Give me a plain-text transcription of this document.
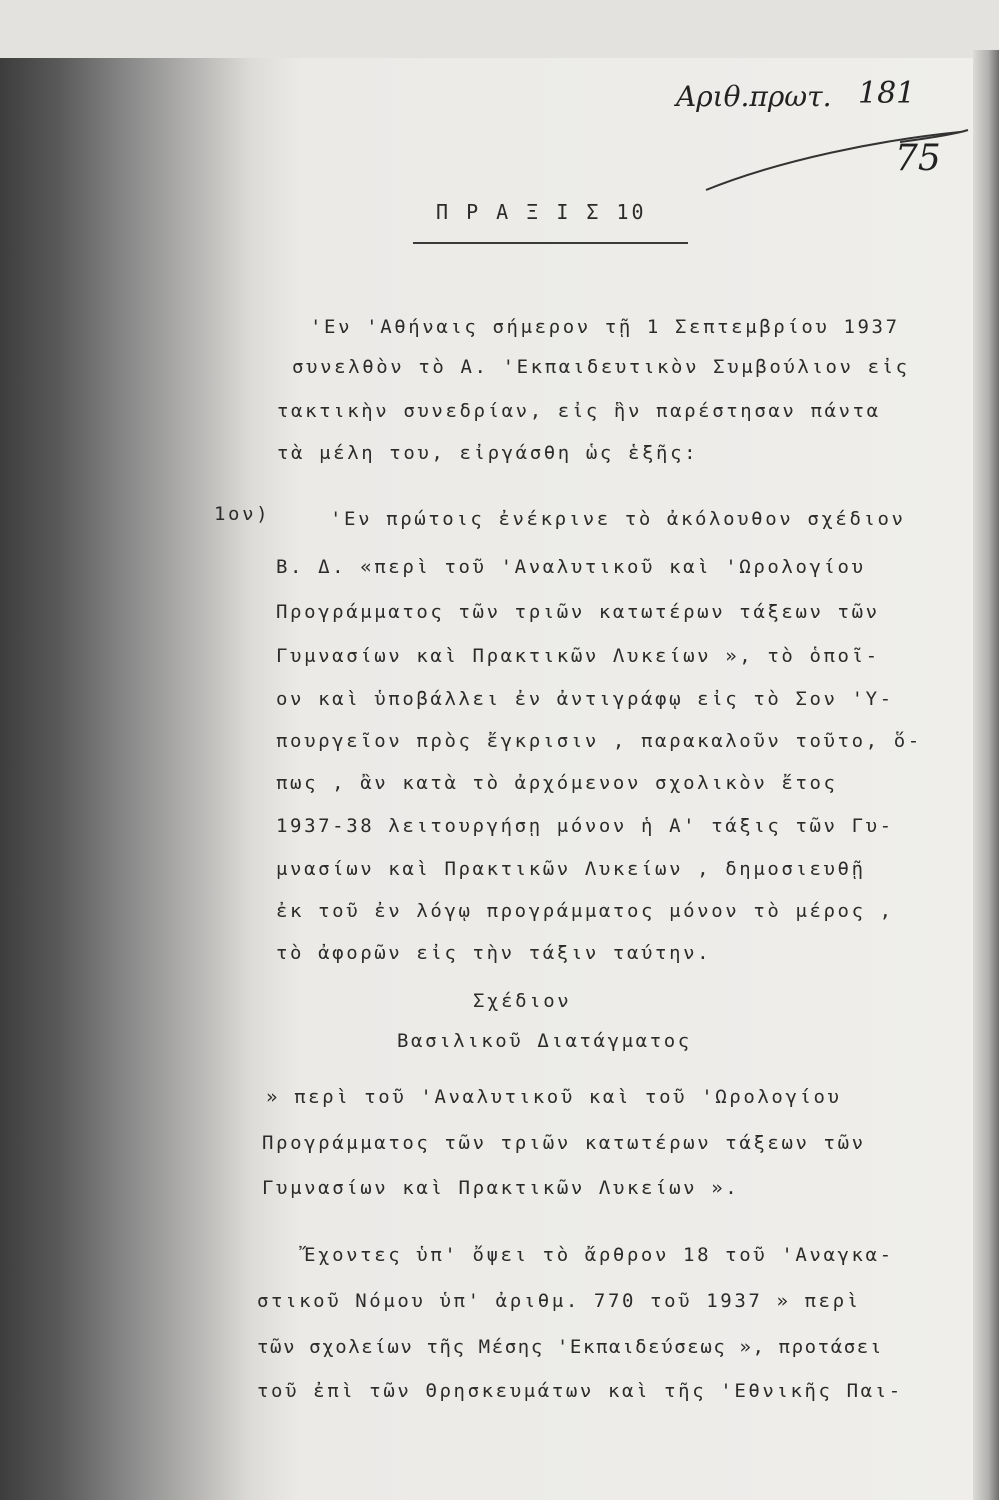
Αριθ.πρωτ. 181
75
Π Ρ Α Ξ Ι Σ 10
'Εν 'Αθήναις σήμερον τῇ 1 Σεπτεμβρίου 1937
συνελθὸν τὸ Α. 'Εκπαιδευτικὸν Συμβούλιον εἰς
τακτικὴν συνεδρίαν, εἰς ἣν παρέστησαν πάντα
τὰ μέλη του, εἰργάσθη ὡς ἑξῆς:
1ον)	'Εν πρώτοις ἐνέκρινε τὸ ἀκόλουθον σχέδιον
Β. Δ. «περὶ τοῦ 'Αναλυτικοῦ καὶ 'Ωρολογίου
Προγράμματος τῶν τριῶν κατωτέρων τάξεων τῶν
Γυμνασίων καὶ Πρακτικῶν Λυκείων », τὸ ὁποῖ-
ον καὶ ὑποβάλλει ἐν ἀντιγράφῳ εἰς τὸ Σον 'Υ-
πουργεῖον πρὸς ἔγκρισιν , παρακαλοῦν τοῦτο, ὅ-
πως , ἂν κατὰ τὸ ἀρχόμενον σχολικὸν ἔτος
1937-38 λειτουργήσῃ μόνον ἡ Α' τάξις τῶν Γυ-
μνασίων καὶ Πρακτικῶν Λυκείων , δημοσιευθῇ
ἐκ τοῦ ἐν λόγῳ προγράμματος μόνον τὸ μέρος ,
τὸ ἀφορῶν εἰς τὴν τάξιν ταύτην.
Σχέδιον
Βασιλικοῦ Διατάγματος
» περὶ τοῦ 'Αναλυτικοῦ καὶ τοῦ 'Ωρολογίου
Προγράμματος τῶν τριῶν κατωτέρων τάξεων τῶν
Γυμνασίων καὶ Πρακτικῶν Λυκείων ».
Ἔχοντες ὑπ' ὄψει τὸ ἄρθρον 18 τοῦ 'Αναγκα-
στικοῦ Νόμου ὑπ' ἀριθμ. 770 τοῦ 1937 » περὶ
τῶν σχολείων τῆς Μέσης 'Εκπαιδεύσεως », προτάσει
τοῦ ἐπὶ τῶν Θρησκευμάτων καὶ τῆς 'Εθνικῆς Παι-
